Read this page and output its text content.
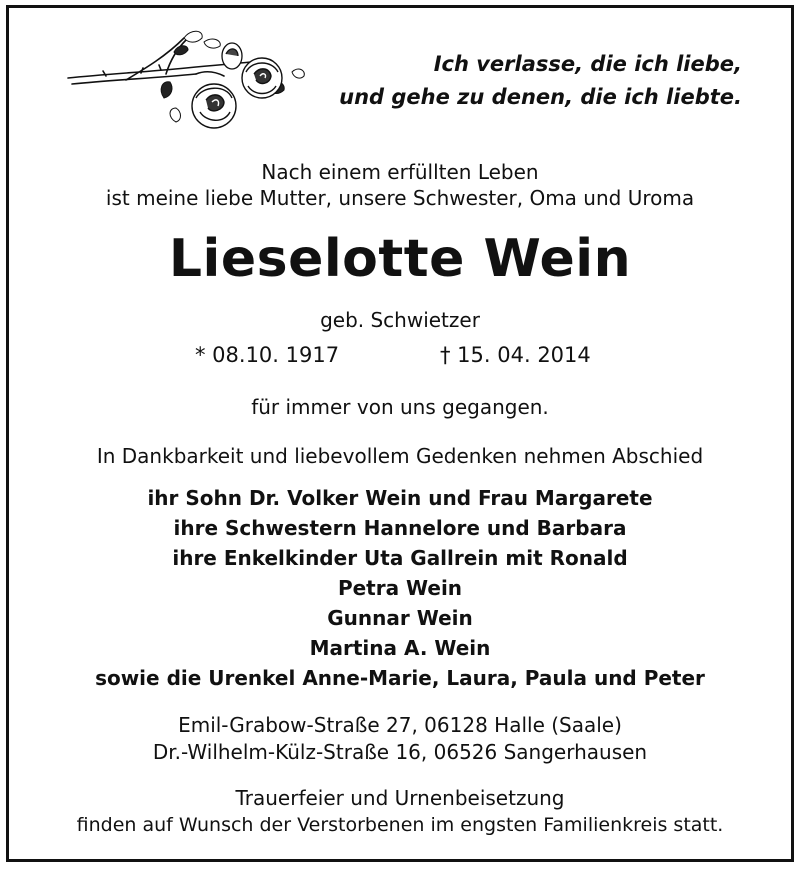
Ich verlasse, die ich liebe,
und gehe zu denen, die ich liebte.
Nach einem erfüllten Leben
ist meine liebe Mutter, unsere Schwester, Oma und Uroma
Lieselotte Wein
geb. Schwietzer
* 08.10. 1917	† 15. 04. 2014
für immer von uns gegangen.
In Dankbarkeit und liebevollem Gedenken nehmen Abschied
ihr Sohn Dr. Volker Wein und Frau Margarete
ihre Schwestern Hannelore und Barbara
ihre Enkelkinder Uta Gallrein mit Ronald
Petra Wein
Gunnar Wein
Martina A. Wein
sowie die Urenkel Anne-Marie, Laura, Paula und Peter
Emil-Grabow-Straße 27, 06128 Halle (Saale)
Dr.-Wilhelm-Külz-Straße 16, 06526 Sangerhausen
Trauerfeier und Urnenbeisetzung
finden auf Wunsch der Verstorbenen im engsten Familienkreis statt.
